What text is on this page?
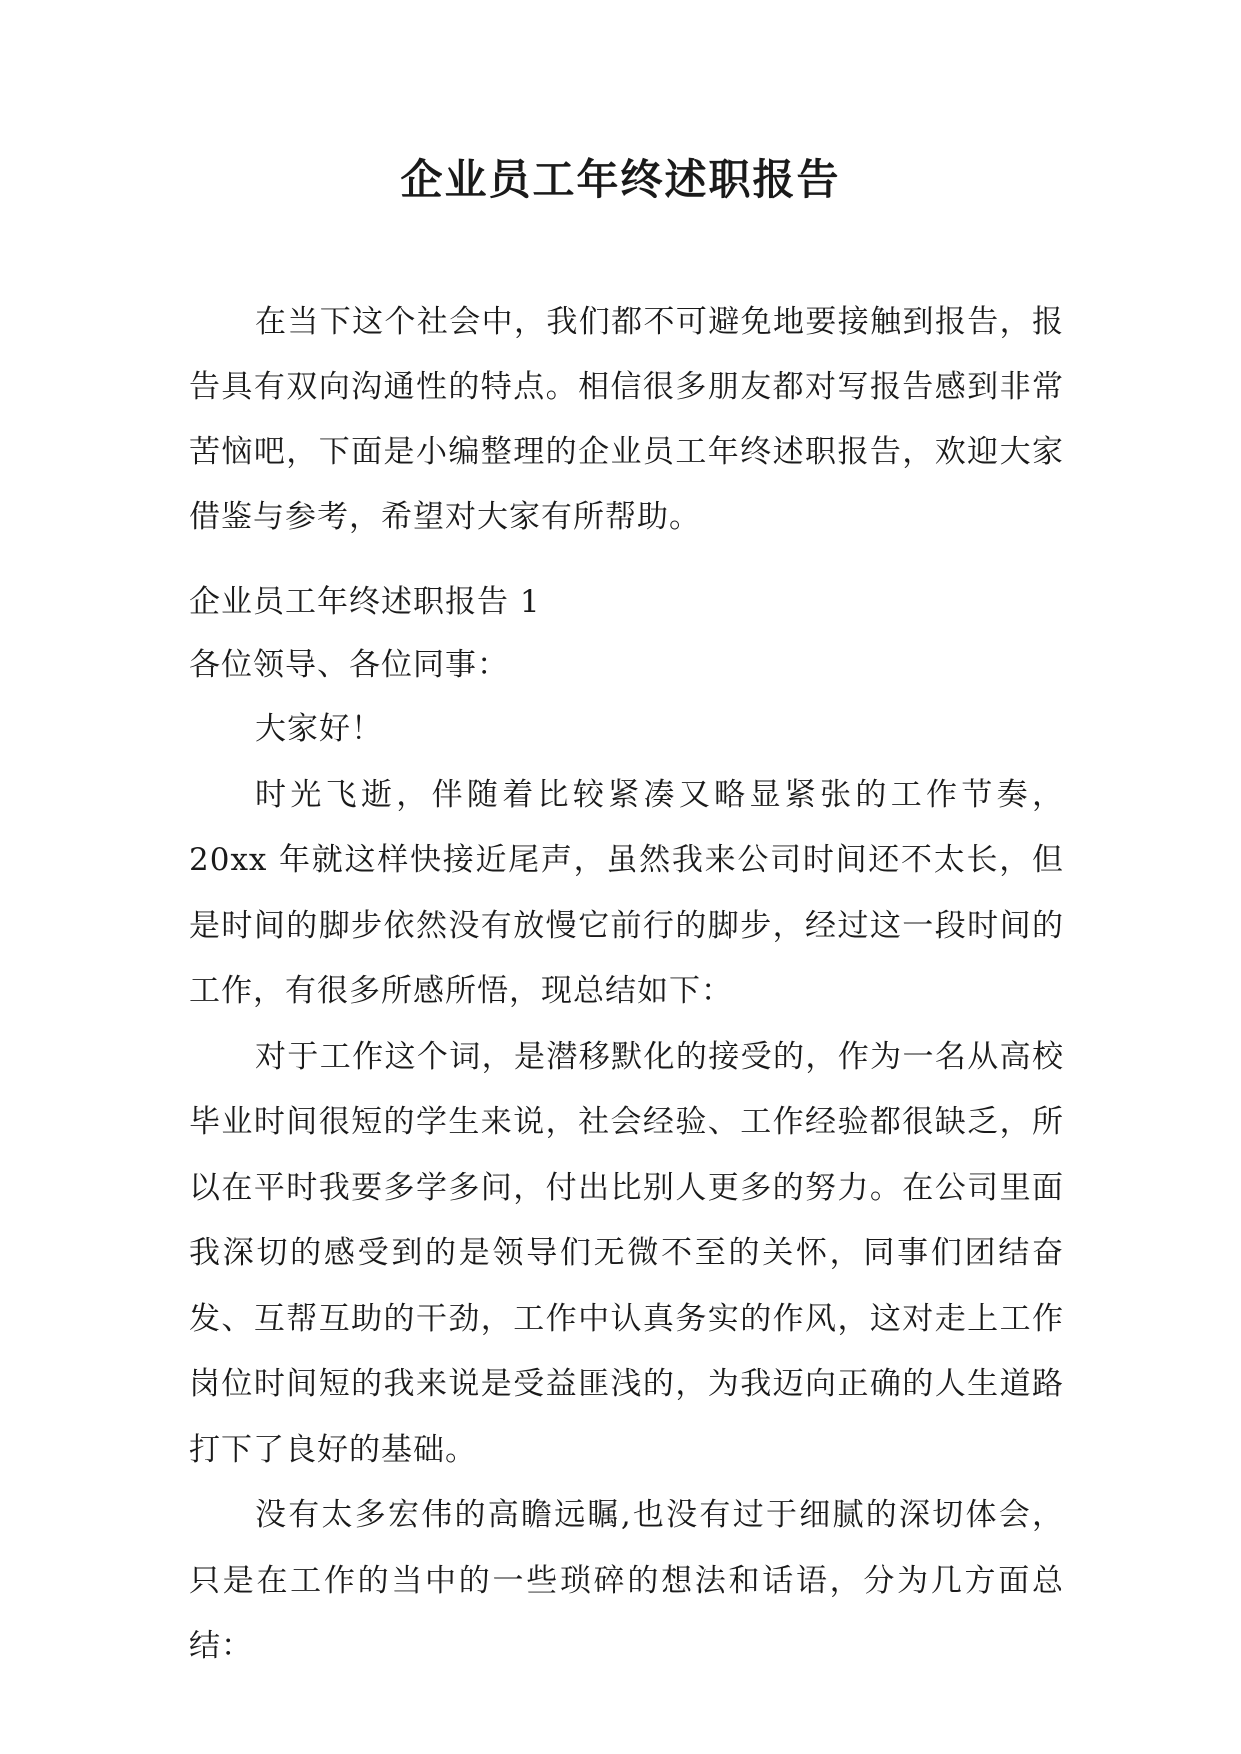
企业员工年终述职报告

在当下这个社会中，我们都不可避免地要接触到报告，报告具有双向沟通性的特点。相信很多朋友都对写报告感到非常苦恼吧，下面是小编整理的企业员工年终述职报告，欢迎大家借鉴与参考，希望对大家有所帮助。

企业员工年终述职报告 1

各位领导、各位同事：

大家好！

时光飞逝，伴随着比较紧凑又略显紧张的工作节奏，20xx 年就这样快接近尾声，虽然我来公司时间还不太长，但是时间的脚步依然没有放慢它前行的脚步，经过这一段时间的工作，有很多所感所悟，现总结如下：

对于工作这个词，是潜移默化的接受的，作为一名从高校毕业时间很短的学生来说，社会经验、工作经验都很缺乏，所以在平时我要多学多问，付出比别人更多的努力。在公司里面我深切的感受到的是领导们无微不至的关怀，同事们团结奋发、互帮互助的干劲，工作中认真务实的作风，这对走上工作岗位时间短的我来说是受益匪浅的，为我迈向正确的人生道路打下了良好的基础。

没有太多宏伟的高瞻远瞩,也没有过于细腻的深切体会，只是在工作的当中的一些琐碎的想法和话语，分为几方面总结：
